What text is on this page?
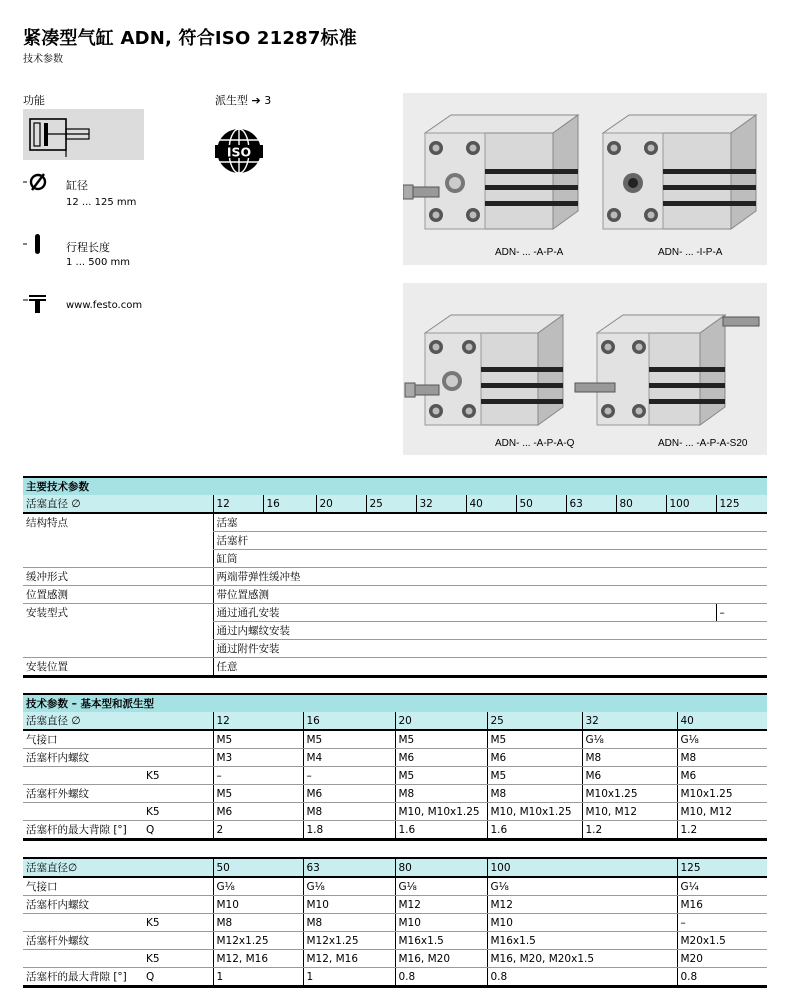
紧凑型气缸 ADN, 符合ISO 21287标准
技术参数
功能
缸径
12 ... 125 mm
行程长度
1 ... 500 mm
www.festo.com
派生型 ➔ 3
ISO
ADN- ... -A-P-A	ADN- ... -I-P-A
ADN- ... -A-P-A-Q	ADN- ... -A-P-A-S20
主要技术参数											
活塞直径 ∅	12	16	20	25	32	40	50	63	80	100	125
结构特点	活塞										
	活塞杆										
	缸筒										
缓冲形式	两端带弹性缓冲垫										
位置感测	带位置感测										
安装型式	通过通孔安装										–
	通过内螺纹安装										
	通过附件安装										
安装位置	任意										
技术参数 – 基本型和派生型							
活塞直径 ∅		12	16	20	25	32	40
气接口		M5	M5	M5	M5	G⅛	G⅛
活塞杆内螺纹		M3	M4	M6	M6	M8	M8
	K5	–	–	M5	M5	M6	M6
活塞杆外螺纹		M5	M6	M8	M8	M10x1.25	M10x1.25
	K5	M6	M8	M10, M10x1.25	M10, M10x1.25	M10, M12	M10, M12
活塞杆的最大背隙 [°]	Q	2	1.8	1.6	1.6	1.2	1.2
活塞直径∅		50	63	80	100	125
气接口		G⅛	G⅛	G⅛	G⅛	G¼
活塞杆内螺纹		M10	M10	M12	M12	M16
	K5	M8	M8	M10	M10	–
活塞杆外螺纹		M12x1.25	M12x1.25	M16x1.5	M16x1.5	M20x1.5
	K5	M12, M16	M12, M16	M16, M20	M16, M20, M20x1.5	M20
活塞杆的最大背隙 [°]	Q	1	1	0.8	0.8	0.8
